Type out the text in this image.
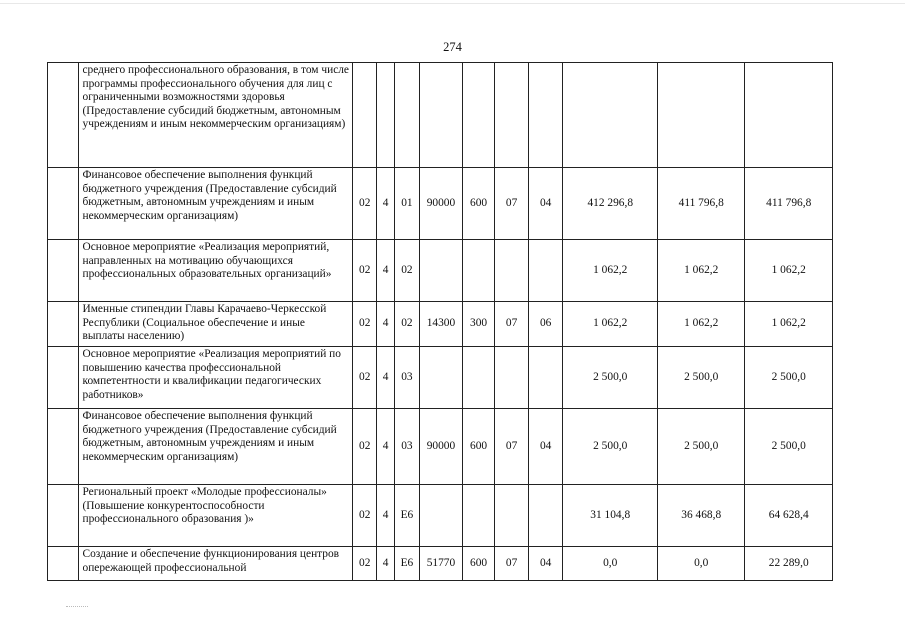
274
	среднего профессионального образования, в том числе программы профессионального обучения для лиц с ограниченными возможностями здоровья (Предоставление субсидий бюджетным, автономным учреждениям и иным некоммерческим организациям)										
	Финансовое обеспечение выполнения функций бюджетного учреждения (Предоставление субсидий бюджетным, автономным учреждениям и иным некоммерческим организациям)	02	4	01	90000	600	07	04	412 296,8	411 796,8	411 796,8
	Основное мероприятие «Реализация мероприятий, направленных на мотивацию обучающихся профессиональных образовательных организаций»	02	4	02					1 062,2	1 062,2	1 062,2
	Именные стипендии Главы Карачаево-Черкесской Республики (Социальное обеспечение и иные выплаты населению)	02	4	02	14300	300	07	06	1 062,2	1 062,2	1 062,2
	Основное мероприятие «Реализация мероприятий по повышению качества профессиональной компетентности и квалификации педагогических работников»	02	4	03					2 500,0	2 500,0	2 500,0
	Финансовое обеспечение выполнения функций бюджетного учреждения (Предоставление субсидий бюджетным, автономным учреждениям и иным некоммерческим организациям)	02	4	03	90000	600	07	04	2 500,0	2 500,0	2 500,0
	Региональный проект «Молодые профессионалы» (Повышение конкурентоспособности профессионального образования )»	02	4	Е6					31 104,8	36 468,8	64 628,4
	Создание и обеспечение функционирования центров опережающей профессиональной	02	4	Е6	51770	600	07	04	0,0	0,0	22 289,0
